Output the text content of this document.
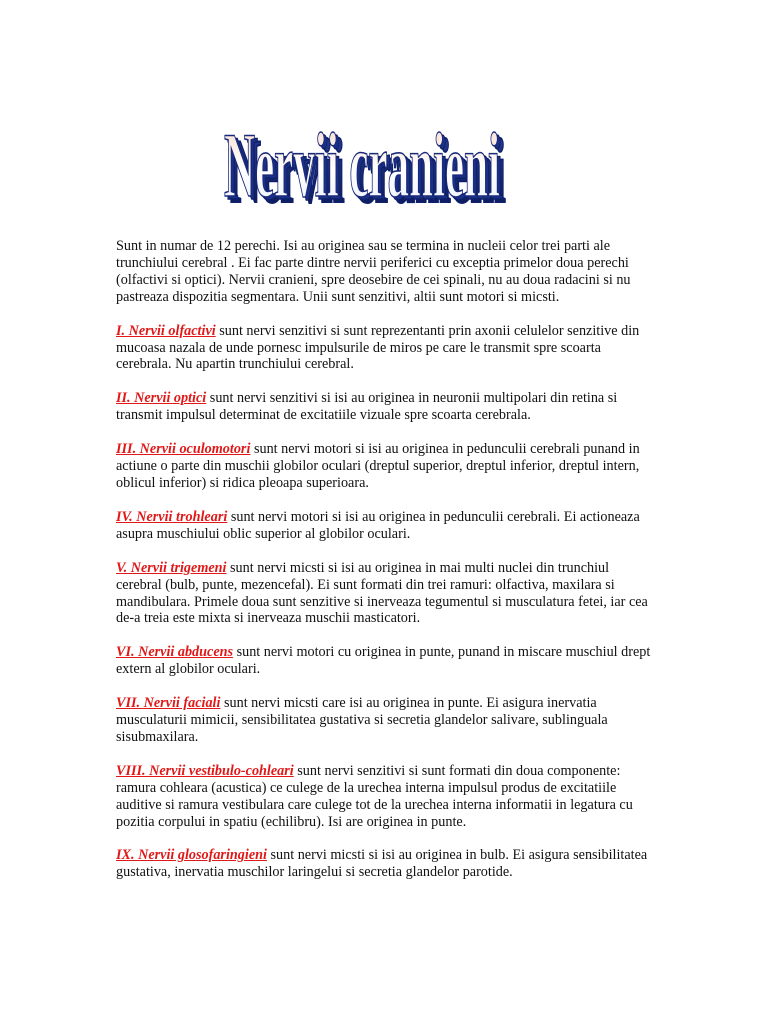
Nervii cranieni
Nervii cranieni
Nervii cranieni

Sunt in numar de 12 perechi. Isi au originea sau se termina in nucleii celor trei parti ale trunchiului cerebral . Ei fac parte dintre nervii periferici cu exceptia primelor doua perechi (olfactivi si optici). Nervii cranieni, spre deosebire de cei spinali, nu au doua radacini si nu pastreaza dispozitia segmentara. Unii sunt senzitivi, altii sunt motori si micsti.

I. Nervii olfactivi sunt nervi senzitivi si sunt reprezentanti prin axonii celulelor senzitive din mucoasa nazala de unde pornesc impulsurile de miros pe care le transmit spre scoarta cerebrala. Nu apartin trunchiului cerebral.

II. Nervii optici sunt nervi senzitivi si isi au originea in neuronii multipolari din retina si transmit impulsul determinat de excitatiile vizuale spre scoarta cerebrala.

III. Nervii oculomotori sunt nervi motori si isi au originea in pedunculii cerebrali punand in actiune o parte din muschii globilor oculari (dreptul superior, dreptul inferior, dreptul intern, oblicul inferior) si ridica pleoapa superioara.

IV. Nervii trohleari sunt nervi motori si isi au originea in pedunculii cerebrali. Ei actioneaza asupra muschiului oblic superior al globilor oculari.

V. Nervii trigemeni sunt nervi micsti si isi au originea in mai multi nuclei din trunchiul cerebral (bulb, punte, mezencefal). Ei sunt formati din trei ramuri: olfactiva, maxilara si mandibulara. Primele doua sunt senzitive si inerveaza tegumentul si musculatura fetei, iar cea de-a treia este mixta si inerveaza muschii masticatori.

VI. Nervii abducens sunt nervi motori cu originea in punte, punand in miscare muschiul drept extern al globilor oculari.

VII. Nervii faciali sunt nervi micsti care isi au originea in punte. Ei asigura inervatia musculaturii mimicii, sensibilitatea gustativa si secretia glandelor salivare, sublinguala sisubmaxilara.

VIII. Nervii vestibulo-cohleari sunt nervi senzitivi si sunt formati din doua componente: ramura cohleara (acustica) ce culege de la urechea interna impulsul produs de excitatiile auditive si ramura vestibulara care culege tot de la urechea interna informatii in legatura cu pozitia corpului in spatiu (echilibru). Isi are originea in punte.

IX. Nervii glosofaringieni sunt nervi micsti si isi au originea in bulb. Ei asigura sensibilitatea gustativa, inervatia muschilor laringelui si secretia glandelor parotide.
